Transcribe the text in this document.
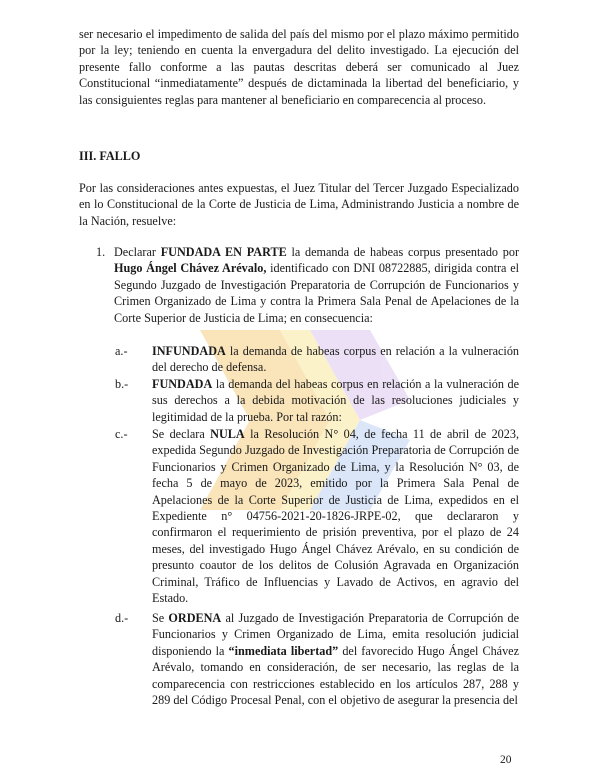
ser necesario el impedimento de salida del país del mismo por el plazo máximo permitido por la ley; teniendo en cuenta la envergadura del delito investigado. La ejecución del presente fallo conforme a las pautas descritas deberá ser comunicado al Juez Constitucional “inmediatamente” después de dictaminada la libertad del beneficiario, y las consiguientes reglas para mantener al beneficiario en comparecencia al proceso.

III. FALLO

Por las consideraciones antes expuestas, el Juez Titular del Tercer Juzgado Especializado en lo Constitucional de la Corte de Justicia de Lima, Administrando Justicia a nombre de la Nación, resuelve:

1. Declarar FUNDADA EN PARTE la demanda de habeas corpus presentado por Hugo Ángel Chávez Arévalo, identificado con DNI 08722885, dirigida contra el Segundo Juzgado de Investigación Preparatoria de Corrupción de Funcionarios y Crimen Organizado de Lima y contra la Primera Sala Penal de Apelaciones de la Corte Superior de Justicia de Lima; en consecuencia:
a.- INFUNDADA la demanda de habeas corpus en relación a la vulneración del derecho de defensa.
b.- FUNDADA la demanda del habeas corpus en relación a la vulneración de sus derechos a la debida motivación de las resoluciones judiciales y legitimidad de la prueba. Por tal razón:
c.- Se declara NULA la Resolución N° 04, de fecha 11 de abril de 2023, expedida Segundo Juzgado de Investigación Preparatoria de Corrupción de Funcionarios y Crimen Organizado de Lima, y la Resolución N° 03, de fecha 5 de mayo de 2023, emitido por la Primera Sala Penal de Apelaciones de la Corte Superior de Justicia de Lima, expedidos en el Expediente n° 04756-2021-20-1826-JRPE-02, que declararon y confirmaron el requerimiento de prisión preventiva, por el plazo de 24 meses, del investigado Hugo Ángel Chávez Arévalo, en su condición de presunto coautor de los delitos de Colusión Agravada en Organización Criminal, Tráfico de Influencias y Lavado de Activos, en agravio del Estado.
d.- Se ORDENA al Juzgado de Investigación Preparatoria de Corrupción de Funcionarios y Crimen Organizado de Lima, emita resolución judicial disponiendo la “inmediata libertad” del favorecido Hugo Ángel Chávez Arévalo, tomando en consideración, de ser necesario, las reglas de la comparecencia con restricciones establecido en los artículos 287, 288 y 289 del Código Procesal Penal, con el objetivo de asegurar la presencia del
20
